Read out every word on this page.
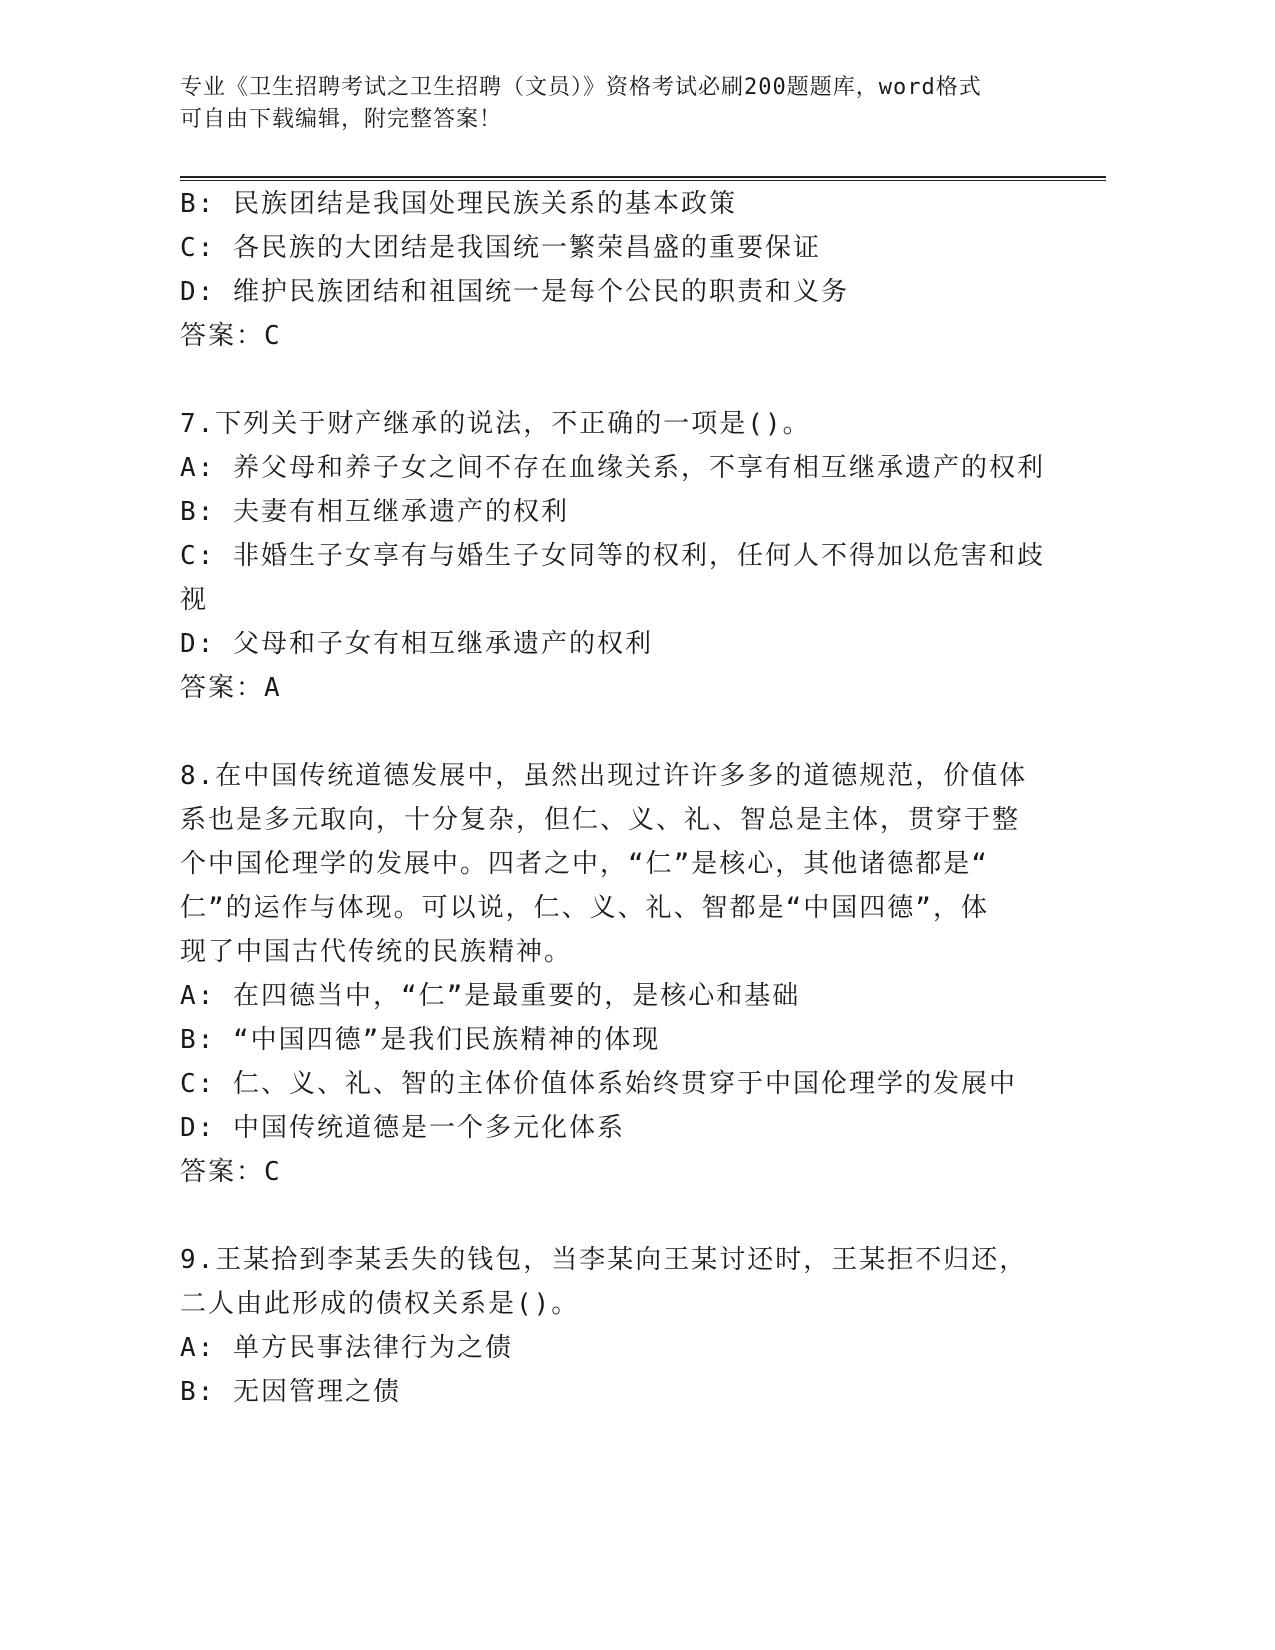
专业《卫生招聘考试之卫生招聘（文员）》资格考试必刷200题题库，word格式
可自由下载编辑，附完整答案！

B: 民族团结是我国处理民族关系的基本政策

C: 各民族的大团结是我国统一繁荣昌盛的重要保证

D: 维护民族团结和祖国统一是每个公民的职责和义务

答案：C

7.下列关于财产继承的说法，不正确的一项是()。

A: 养父母和养子女之间不存在血缘关系，不享有相互继承遗产的权利

B: 夫妻有相互继承遗产的权利

C: 非婚生子女享有与婚生子女同等的权利，任何人不得加以危害和歧

视

D: 父母和子女有相互继承遗产的权利

答案：A

8.在中国传统道德发展中，虽然出现过许许多多的道德规范，价值体

系也是多元取向，十分复杂，但仁、义、礼、智总是主体，贯穿于整

个中国伦理学的发展中。四者之中，“仁”是核心，其他诸德都是“

仁”的运作与体现。可以说，仁、义、礼、智都是“中国四德”，体

现了中国古代传统的民族精神。

A: 在四德当中，“仁”是最重要的，是核心和基础

B: “中国四德”是我们民族精神的体现

C: 仁、义、礼、智的主体价值体系始终贯穿于中国伦理学的发展中

D: 中国传统道德是一个多元化体系

答案：C

9.王某拾到李某丢失的钱包，当李某向王某讨还时，王某拒不归还，

二人由此形成的债权关系是()。

A: 单方民事法律行为之债

B: 无因管理之债
